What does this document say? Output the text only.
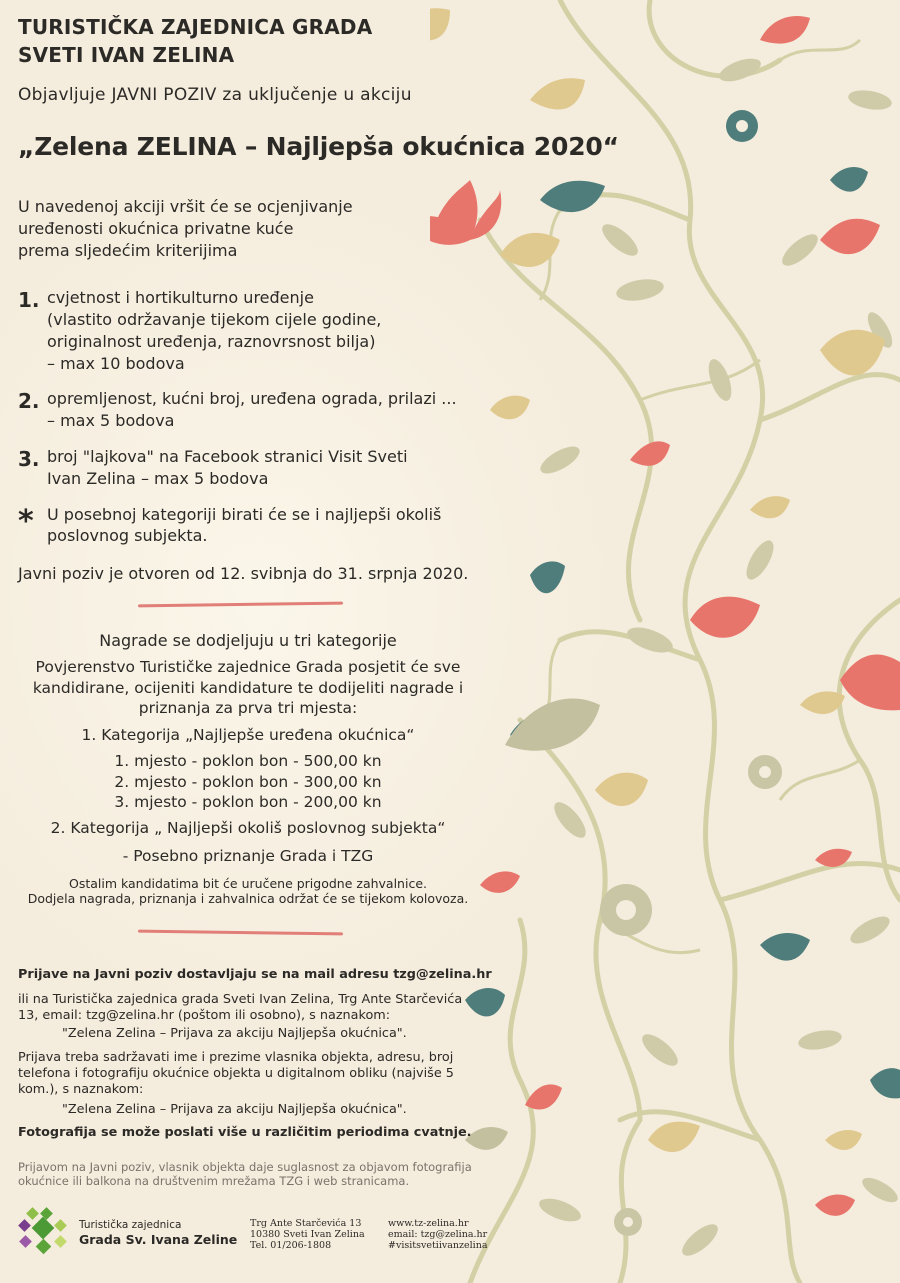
TURISTIČKA ZAJEDNICA GRADA

SVETI IVAN ZELINA

Objavljuje JAVNI POZIV za uključenje u akciju

„Zelena ZELINA – Najljepša okućnica 2020“

U navedenoj akciji vršit će se ocjenjivanje

uređenosti okućnica privatne kuće

prema sljedećim kriterijima

1. cvjetnost i hortikulturno uređenje

(vlastito održavanje tijekom cijele godine,

originalnost uređenja, raznovrsnost bilja)

– max 10 bodova

2. opremljenost, kućni broj, uređena ograda, prilazi ...

– max 5 bodova

3. broj "lajkova" na Facebook stranici Visit Sveti

Ivan Zelina – max 5 bodova

* U posebnoj kategoriji birati će se i najljepši okoliš

poslovnog subjekta.

Javni poziv je otvoren od 12. svibnja do 31. srpnja 2020.

Nagrade se dodjeljuju u tri kategorije

Povjerenstvo Turističke zajednice Grada posjetit će sve

kandidirane, ocijeniti kandidature te dodijeliti nagrade i

priznanja za prva tri mjesta:

1. Kategorija „Najljepše uređena okućnica“

1. mjesto - poklon bon - 500,00 kn

2. mjesto - poklon bon - 300,00 kn

3. mjesto - poklon bon - 200,00 kn

2. Kategorija „ Najljepši okoliš poslovnog subjekta“

- Posebno priznanje Grada i TZG

Ostalim kandidatima bit će uručene prigodne zahvalnice.

Dodjela nagrada, priznanja i zahvalnica održat će se tijekom kolovoza.

Prijave na Javni poziv dostavljaju se na mail adresu tzg@zelina.hr

ili na Turistička zajednica grada Sveti Ivan Zelina, Trg Ante Starčevića

13, email: tzg@zelina.hr (poštom ili osobno), s naznakom:

"Zelena Zelina – Prijava za akciju Najljepša okućnica".

Prijava treba sadržavati ime i prezime vlasnika objekta, adresu, broj

telefona i fotografiju okućnice objekta u digitalnom obliku (najviše 5

kom.), s naznakom:

"Zelena Zelina – Prijava za akciju Najljepša okućnica".

Fotografija se može poslati više u različitim periodima cvatnje.

Prijavom na Javni poziv, vlasnik objekta daje suglasnost za objavom fotografija

okućnice ili balkona na društvenim mrežama TZG i web stranicama.

Turistička zajednica

Grada Sv. Ivana Zeline

Trg Ante Starčevića 13

10380 Sveti Ivan Zelina

Tel. 01/206-1808

www.tz-zelina.hr

email: tzg@zelina.hr

#visitsvetiivanzelina
